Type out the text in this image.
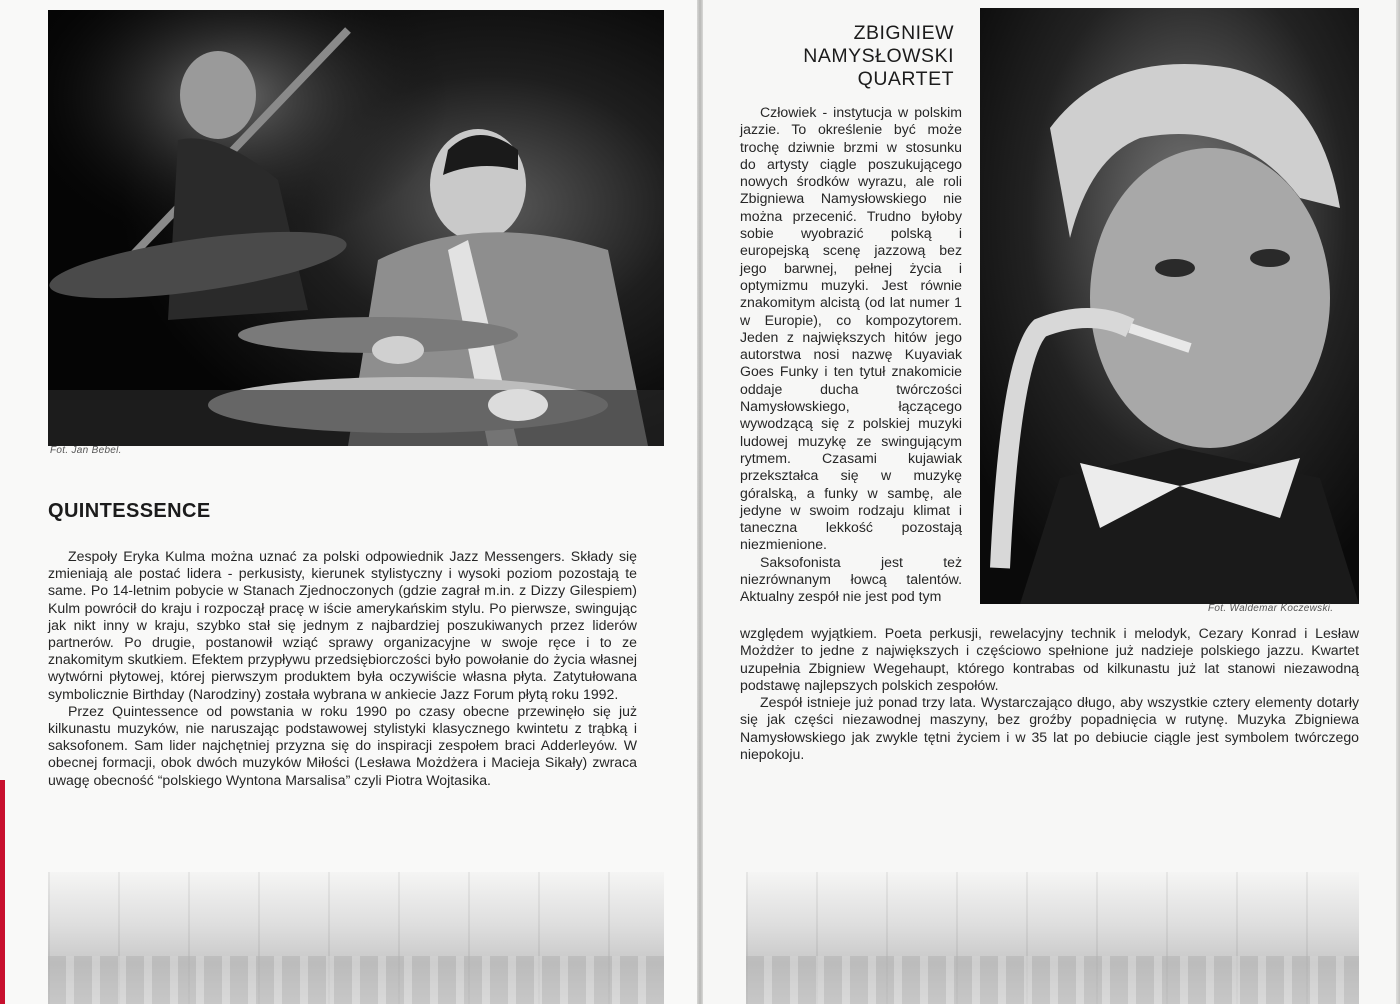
Fot. Jan Bebel.
QUINTESSENCE

Zespoły Eryka Kulma można uznać za polski odpowiednik Jazz Messengers. Składy się zmieniają ale postać lidera - perkusisty, kierunek stylistyczny i wysoki poziom pozostają te same. Po 14-letnim pobycie w Stanach Zjednoczonych (gdzie zagrał m.in. z Dizzy Gilespiem) Kulm powrócił do kraju i rozpoczął pracę w iście amerykańskim stylu. Po pierwsze, swingując jak nikt inny w kraju, szybko stał się jednym z najbardziej poszukiwanych przez liderów partnerów. Po drugie, postanowił wziąć sprawy organizacyjne w swoje ręce i to ze znakomitym skutkiem. Efektem przypływu przedsiębiorczości było powołanie do życia własnej wytwórni płytowej, której pierwszym produktem była oczywiście własna płyta. Zatytułowana symbolicznie Birthday (Narodziny) została wybrana w ankiecie Jazz Forum płytą roku 1992.

Przez Quintessence od powstania w roku 1990 po czasy obecne przewinęło się już kilkunastu muzyków, nie naruszając podstawowej stylistyki klasycznego kwintetu z trąbką i saksofonem. Sam lider najchętniej przyzna się do inspiracji zespołem braci Adderleyów. W obecnej formacji, obok dwóch muzyków Miłości (Lesława Możdżera i Macieja Sikały) zwraca uwagę obecność “polskiego Wyntona Marsalisa” czyli Piotra Wojtasika.

ZBIGNIEW
NAMYSŁOWSKI
QUARTET
Fot. Waldemar Koczewski.

Człowiek - instytucja w polskim jazzie. To określenie być może trochę dziwnie brzmi w stosunku do artysty ciągle poszukującego nowych środków wyrazu, ale roli Zbigniewa Namysłowskiego nie można przecenić. Trudno byłoby sobie wyobrazić polską i europejską scenę jazzową bez jego barwnej, pełnej życia i optymizmu muzyki. Jest równie znakomitym alcistą (od lat numer 1 w Europie), co kompozytorem. Jeden z największych hitów jego autorstwa nosi nazwę Kuyaviak Goes Funky i ten tytuł znakomicie oddaje ducha twórczości Namysłowskiego, łączącego wywodzącą się z polskiej muzyki ludowej muzykę ze swingującym rytmem. Czasami kujawiak przekształca się w muzykę góralską, a funky w sambę, ale jedyne w swoim rodzaju klimat i taneczna lekkość pozostają niezmienione.

Saksofonista jest też niezrównanym łowcą talentów. Aktualny zespół nie jest pod tym

względem wyjątkiem. Poeta perkusji, rewelacyjny technik i melodyk, Cezary Konrad i Lesław Możdżer to jedne z największych i częściowo spełnione już nadzieje polskiego jazzu. Kwartet uzupełnia Zbigniew Wegehaupt, którego kontrabas od kilkunastu już lat stanowi niezawodną podstawę najlepszych polskich zespołów.

Zespół istnieje już ponad trzy lata. Wystarczająco długo, aby wszystkie cztery elementy dotarły się jak części niezawodnej maszyny, bez groźby popadnięcia w rutynę. Muzyka Zbigniewa Namysłowskiego jak zwykle tętni życiem i w 35 lat po debiucie ciągle jest symbolem twórczego niepokoju.
